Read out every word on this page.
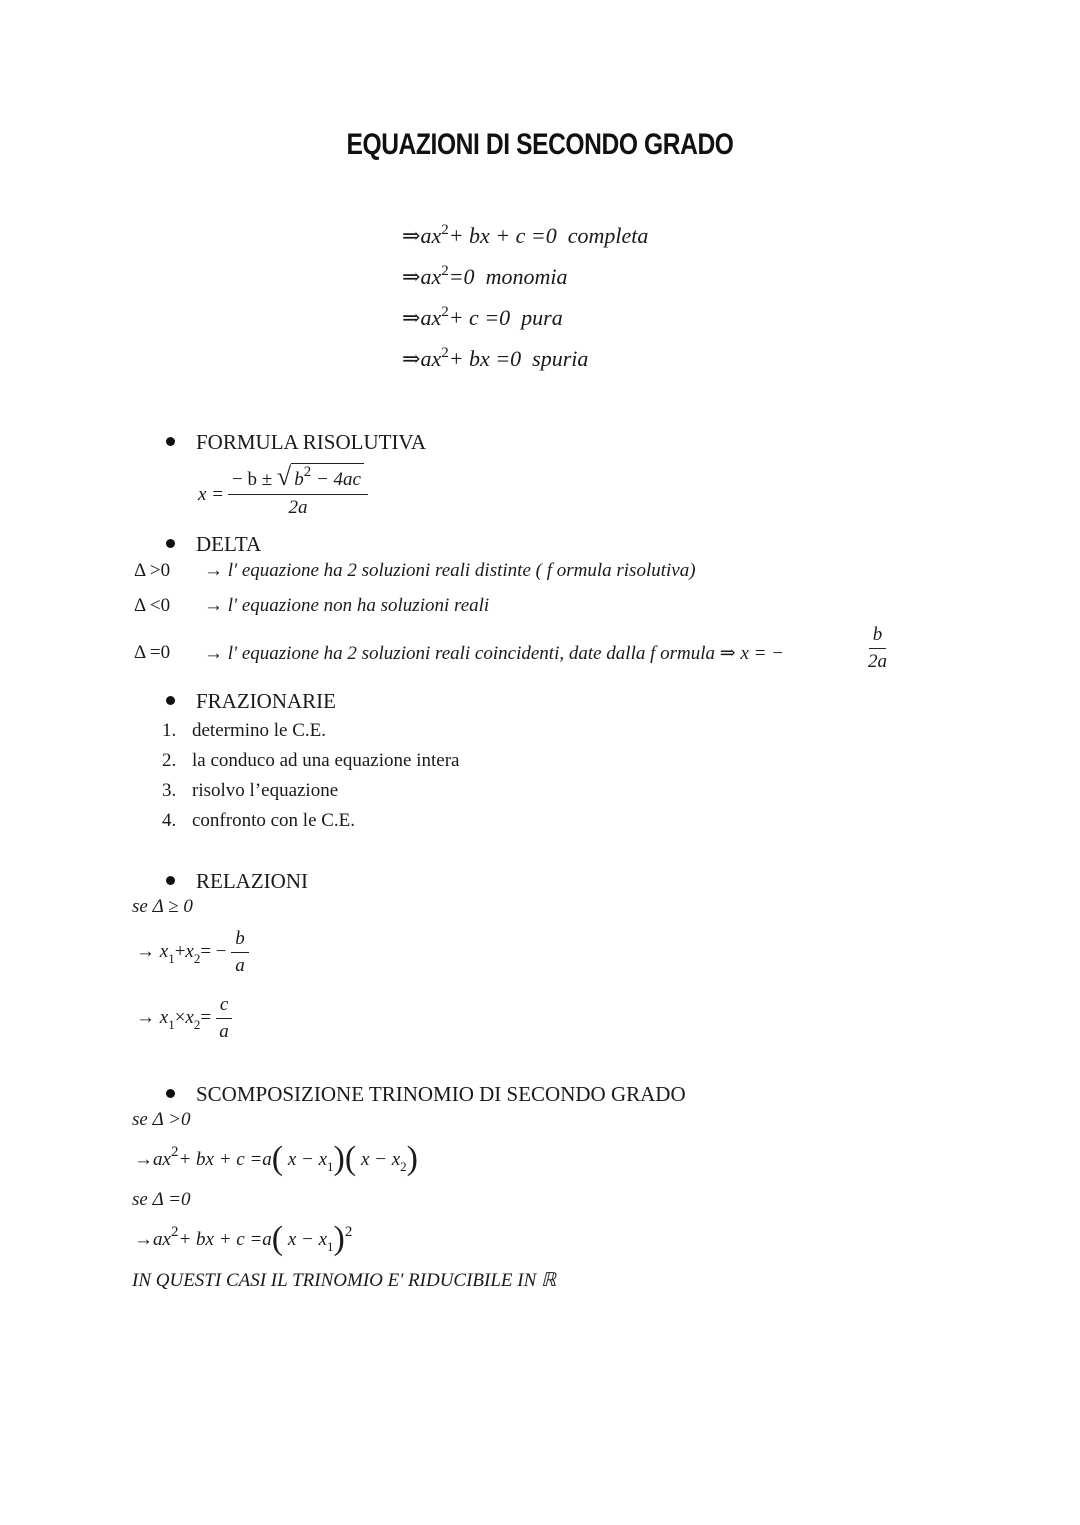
EQUAZIONI DI SECONDO GRADO
$\Rightarrow ax^2+$ bx + c =0 completa
$\Rightarrow ax^2=0$ monomia
$\Rightarrow ax^2+ c =0$ pura
$\Rightarrow ax^2+$ bx =0 spuria
FORMULA RISOLUTIVA
$x = \frac{- b \pm √ b^2 - 4ac}{2a}$
DELTA
Δ >0 → l' equazione ha 2 soluzioni reali distinte ( f ormula risolutiva)
Δ <0 → l' equazione non ha soluzioni reali
Δ =0 → l' equazione ha 2 soluzioni reali coincidenti, date dalla f ormula ⇒ x = −	$\frac{b}{2a}$
FRAZIONARIE
1. determino le C.E.
2. la conduco ad una equazione intera
3. risolvo l’equazione
4. confronto con le C.E.
RELAZIONI
se Δ ≥ 0
→ $x_1+x_2= - \frac{b}{a}$
→ $x_1\times x_2= \frac{c}{a}$
SCOMPOSIZIONE TRINOMIO DI SECONDO GRADO
se Δ >0
$\to ax^2+$ bx + c =a( $x - x_1$)( $x - x_2$)
se Δ =0
$\to ax^2+$ bx + c =a( $x - x_1)^2$
IN QUESTI CASI IL TRINOMIO E' RIDUCIBILE IN ℝ
